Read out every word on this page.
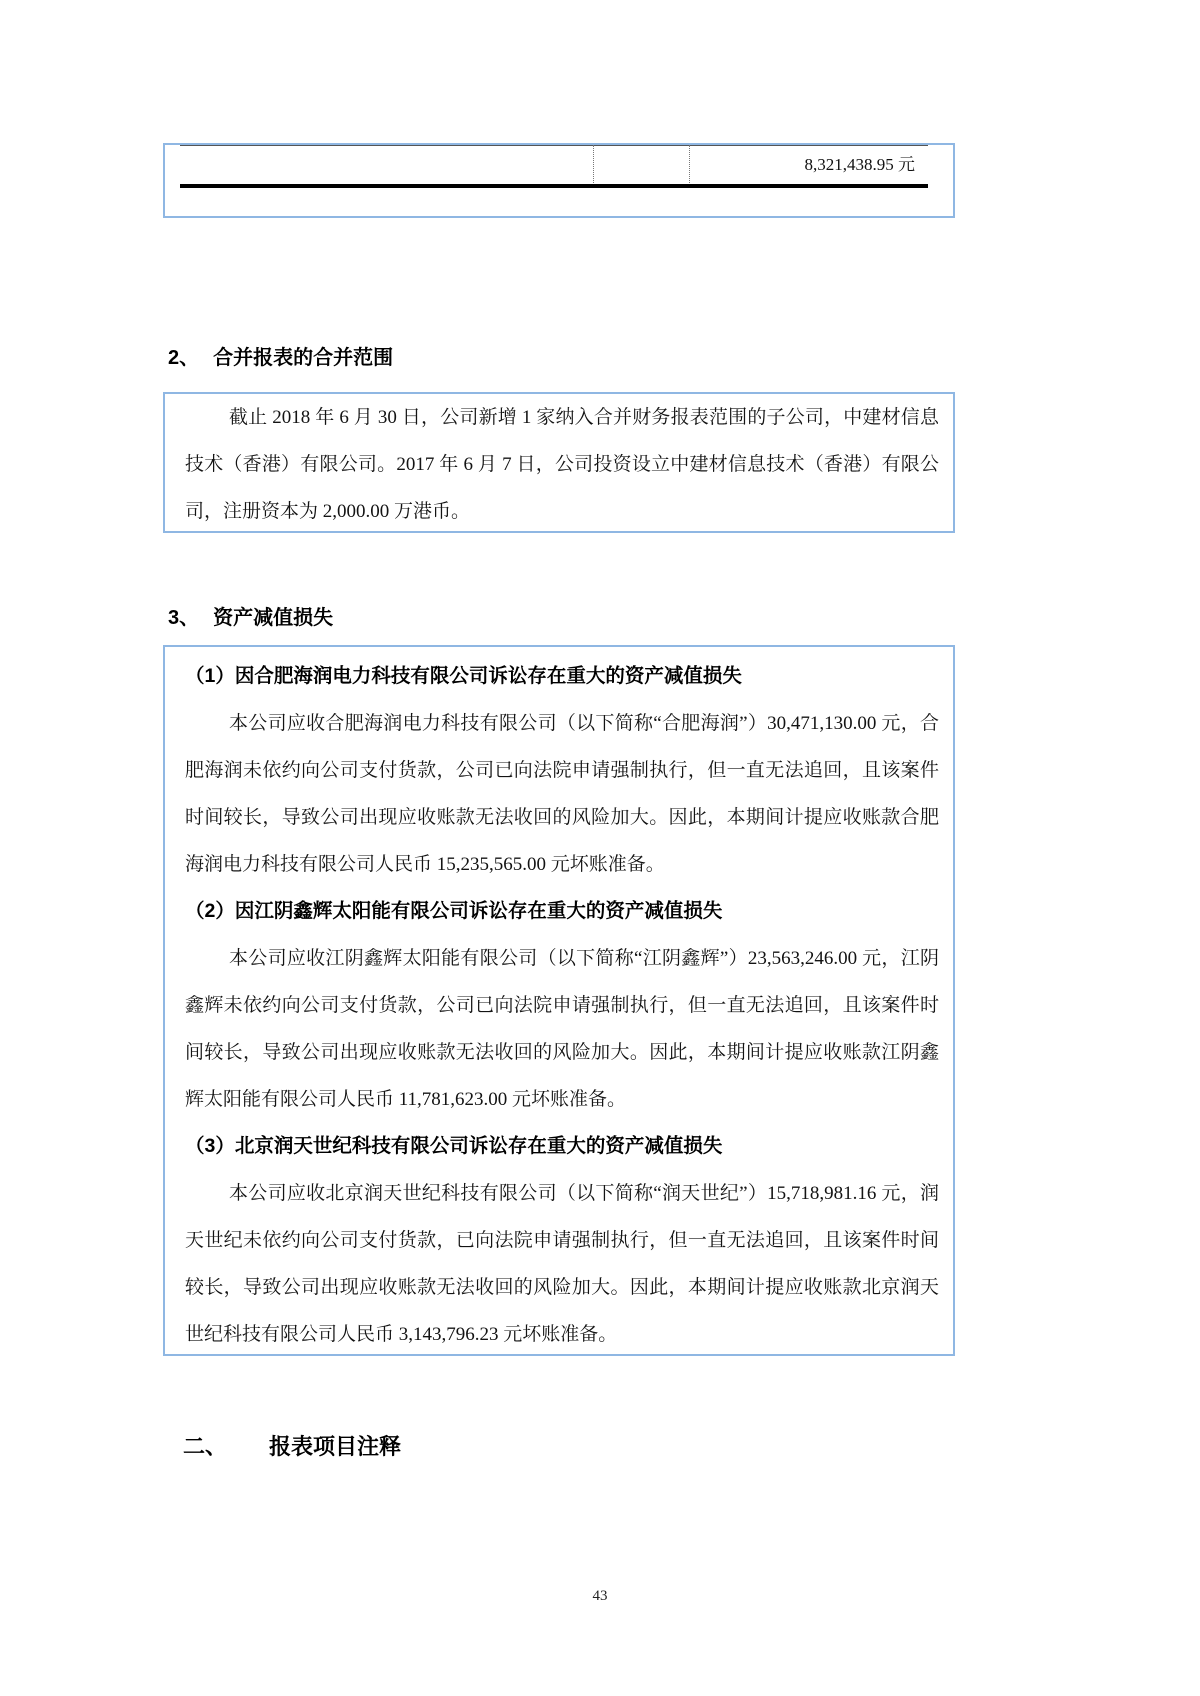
8,321,438.95 元
2、 合并报表的合并范围

截止 2018 年 6 月 30 日，公司新增 1 家纳入合并财务报表范围的子公司，中建材信息技术（香港）有限公司。2017 年 6 月 7 日，公司投资设立中建材信息技术（香港）有限公司，注册资本为 2,000.00 万港币。

3、 资产减值损失

（1）因合肥海润电力科技有限公司诉讼存在重大的资产减值损失

本公司应收合肥海润电力科技有限公司（以下简称“合肥海润”）30,471,130.00 元，合肥海润未依约向公司支付货款，公司已向法院申请强制执行，但一直无法追回，且该案件时间较长，导致公司出现应收账款无法收回的风险加大。因此，本期间计提应收账款合肥海润电力科技有限公司人民币 15,235,565.00 元坏账准备。

（2）因江阴鑫辉太阳能有限公司诉讼存在重大的资产减值损失

本公司应收江阴鑫辉太阳能有限公司（以下简称“江阴鑫辉”）23,563,246.00 元，江阴鑫辉未依约向公司支付货款，公司已向法院申请强制执行，但一直无法追回，且该案件时间较长，导致公司出现应收账款无法收回的风险加大。因此，本期间计提应收账款江阴鑫辉太阳能有限公司人民币 11,781,623.00 元坏账准备。

（3）北京润天世纪科技有限公司诉讼存在重大的资产减值损失

本公司应收北京润天世纪科技有限公司（以下简称“润天世纪”）15,718,981.16 元，润天世纪未依约向公司支付货款，已向法院申请强制执行，但一直无法追回，且该案件时间较长，导致公司出现应收账款无法收回的风险加大。因此，本期间计提应收账款北京润天世纪科技有限公司人民币 3,143,796.23 元坏账准备。

二、 报表项目注释
43
